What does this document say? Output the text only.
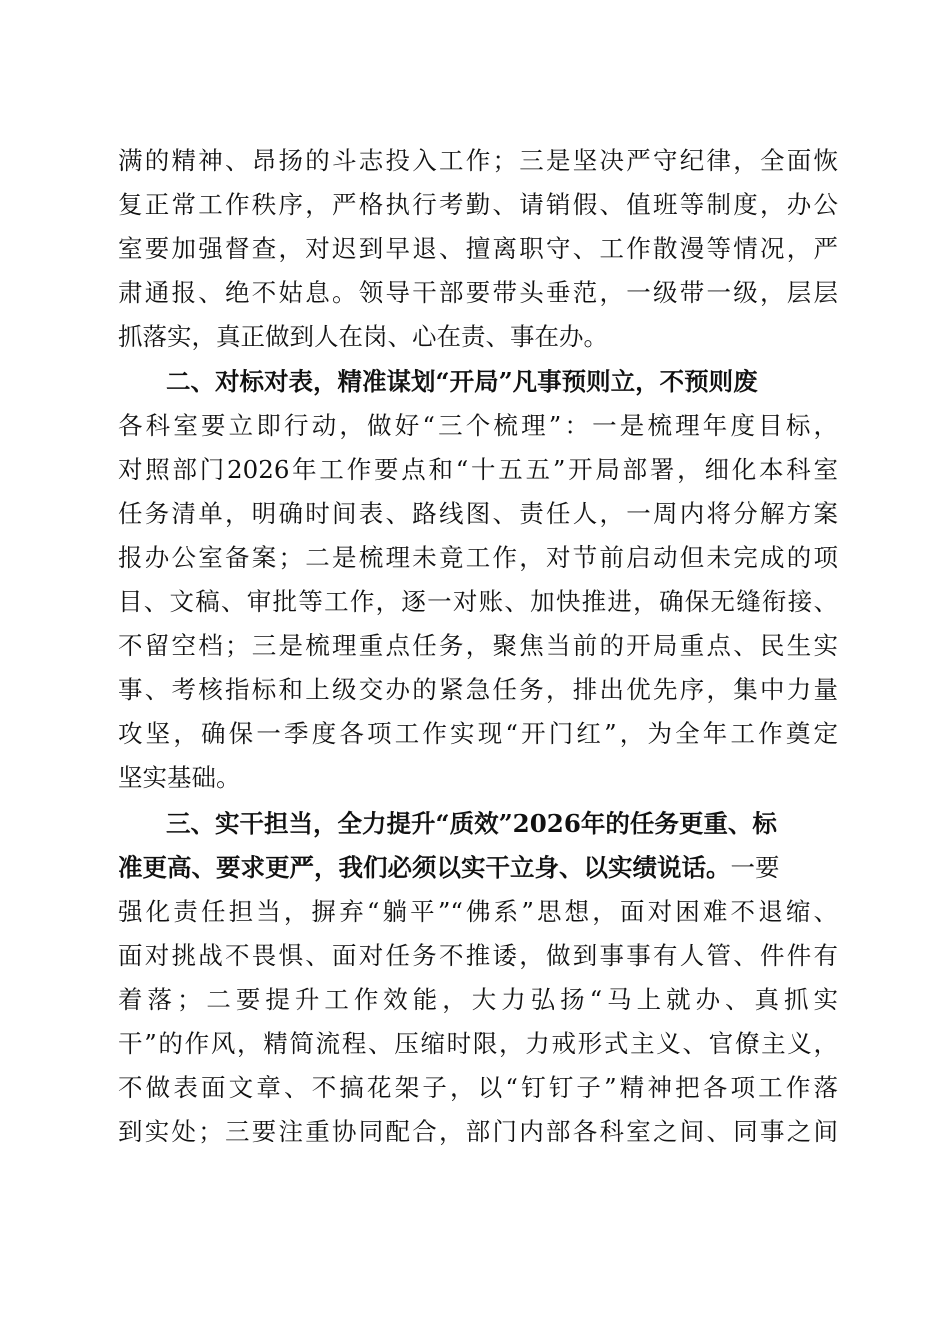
满的精神、昂扬的斗志投入工作；三是坚决严守纪律，全面恢
复正常工作秩序，严格执行考勤、请销假、值班等制度，办公
室要加强督查，对迟到早退、擅离职守、工作散漫等情况，严
肃通报、绝不姑息。领导干部要带头垂范，一级带一级，层层
抓落实，真正做到人在岗、心在责、事在办。
二、对标对表，精准谋划“开局”凡事预则立，不预则废
各科室要立即行动，做好“三个梳理”：一是梳理年度目标，
对照部门2026年工作要点和“十五五”开局部署，细化本科室
任务清单，明确时间表、路线图、责任人，一周内将分解方案
报办公室备案；二是梳理未竟工作，对节前启动但未完成的项
目、文稿、审批等工作，逐一对账、加快推进，确保无缝衔接、
不留空档；三是梳理重点任务，聚焦当前的开局重点、民生实
事、考核指标和上级交办的紧急任务，排出优先序，集中力量
攻坚，确保一季度各项工作实现“开门红”，为全年工作奠定
坚实基础。
三、实干担当，全力提升“质效”2026年的任务更重、标
准更高、要求更严，我们必须以实干立身、以实绩说话。一要
强化责任担当，摒弃“躺平”“佛系”思想，面对困难不退缩、
面对挑战不畏惧、面对任务不推诿，做到事事有人管、件件有
着落；二要提升工作效能，大力弘扬“马上就办、真抓实
干”的作风，精简流程、压缩时限，力戒形式主义、官僚主义，
不做表面文章、不搞花架子，以“钉钉子”精神把各项工作落
到实处；三要注重协同配合，部门内部各科室之间、同事之间
